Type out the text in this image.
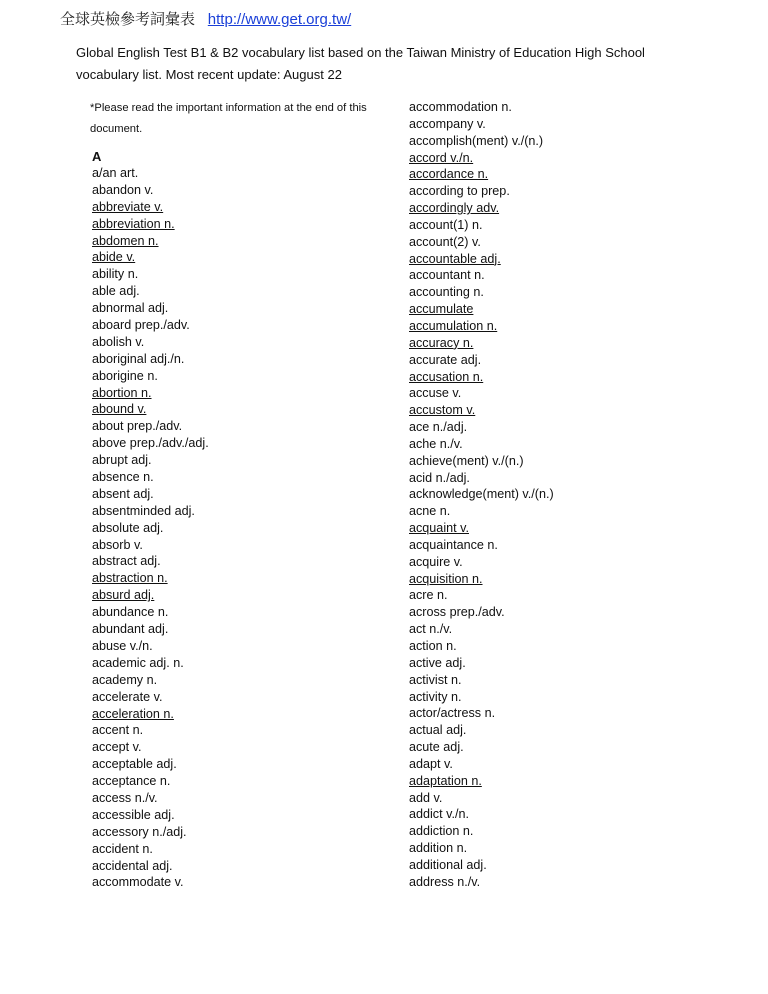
全球英檢參考詞彙表 http://www.get.org.tw/
Global English Test B1 & B2 vocabulary list based on the Taiwan Ministry of Education High School vocabulary list. Most recent update: August 22
*Please read the important information at the end of this document.
A
a/an art.
abandon v.
abbreviate v.
abbreviation n.
abdomen n.
abide v.
ability n.
able adj.
abnormal adj.
aboard prep./adv.
abolish v.
aboriginal adj./n.
aborigine n.
abortion n.
abound v.
about prep./adv.
above prep./adv./adj.
abrupt adj.
absence n.
absent adj.
absentminded adj.
absolute adj.
absorb v.
abstract adj.
abstraction n.
absurd adj.
abundance n.
abundant adj.
abuse v./n.
academic adj. n.
academy n.
accelerate v.
acceleration n.
accent n.
accept v.
acceptable adj.
acceptance n.
access n./v.
accessible adj.
accessory n./adj.
accident n.
accidental adj.
accommodate v.
accommodation n.
accompany v.
accomplish(ment) v./(n.)
accord v./n.
accordance n.
according to prep.
accordingly adv.
account(1) n.
account(2) v.
accountable adj.
accountant n.
accounting n.
accumulate
accumulation n.
accuracy n.
accurate adj.
accusation n.
accuse v.
accustom v.
ace n./adj.
ache n./v.
achieve(ment) v./(n.)
acid n./adj.
acknowledge(ment) v./(n.)
acne n.
acquaint v.
acquaintance n.
acquire v.
acquisition n.
acre n.
across prep./adv.
act n./v.
action n.
active adj.
activist n.
activity n.
actor/actress n.
actual adj.
acute adj.
adapt v.
adaptation n.
add v.
addict v./n.
addiction n.
addition n.
additional adj.
address n./v.
